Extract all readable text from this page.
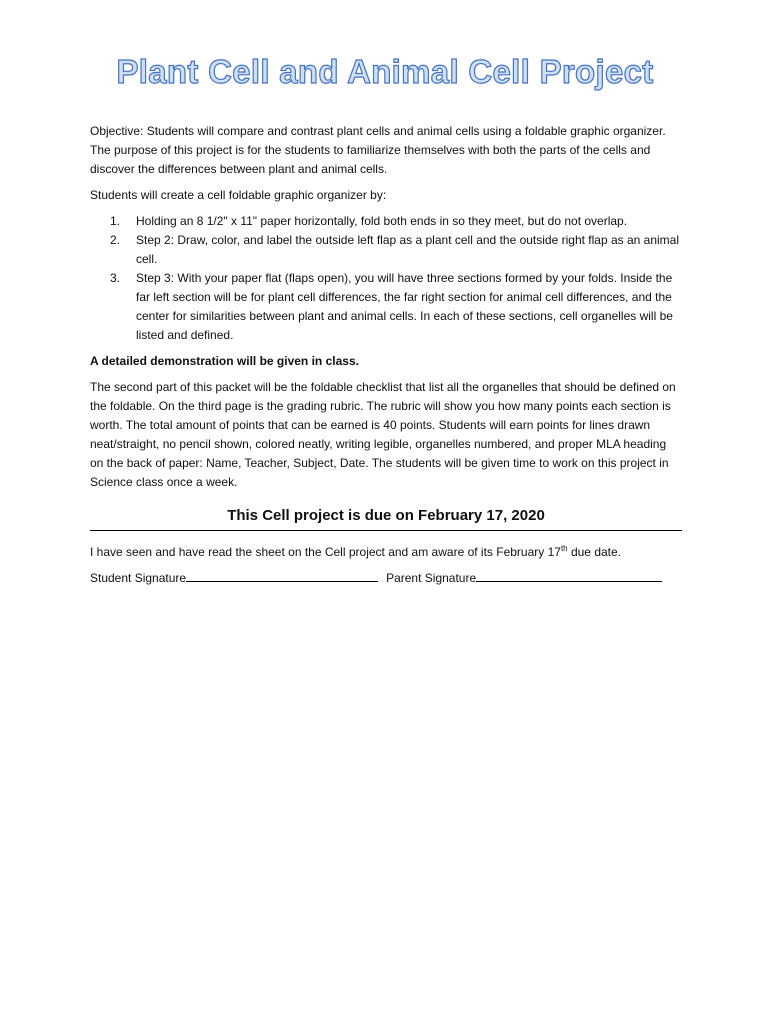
Plant Cell and Animal Cell Project

Objective: Students will compare and contrast plant cells and animal cells using a foldable graphic organizer. The purpose of this project is for the students to familiarize themselves with both the parts of the cells and discover the differences between plant and animal cells.

Students will create a cell foldable graphic organizer by:

1. Holding an 8 1/2" x 11" paper horizontally, fold both ends in so they meet, but do not overlap.
2. Step 2: Draw, color, and label the outside left flap as a plant cell and the outside right flap as an animal cell.
3. Step 3: With your paper flat (flaps open), you will have three sections formed by your folds. Inside the far left section will be for plant cell differences, the far right section for animal cell differences, and the center for similarities between plant and animal cells. In each of these sections, cell organelles will be listed and defined.

A detailed demonstration will be given in class.

The second part of this packet will be the foldable checklist that list all the organelles that should be defined on the foldable. On the third page is the grading rubric. The rubric will show you how many points each section is worth. The total amount of points that can be earned is 40 points. Students will earn points for lines drawn neat/straight, no pencil shown, colored neatly, writing legible, organelles numbered, and proper MLA heading on the back of paper: Name, Teacher, Subject, Date. The students will be given time to work on this project in Science class once a week.

This Cell project is due on February 17, 2020

I have seen and have read the sheet on the Cell project and am aware of its February 17th due date.

Student Signature	Parent Signature
